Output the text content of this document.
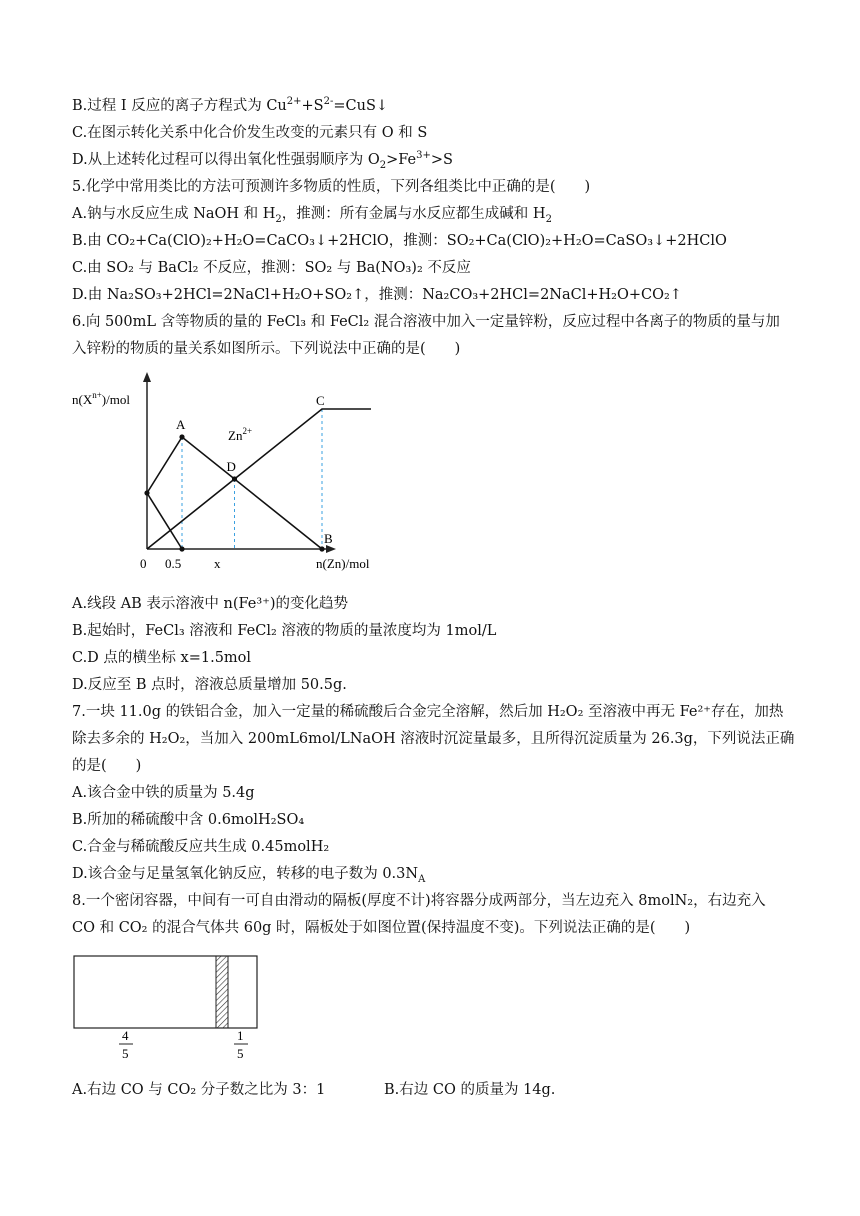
B.过程 I 反应的离子方程式为 $Cu^{2+}+S^{2-}=CuS↓$
C.在图示转化关系中化合价发生改变的元素只有 O 和 S
D.从上述转化过程可以得出氧化性强弱顺序为 $O_2>Fe^{3+}>S$
5.化学中常用类比的方法可预测许多物质的性质，下列各组类比中正确的是(　　)
A.钠与水反应生成 NaOH 和 $H_2$，推测：所有金属与水反应都生成碱和 $H_2$
B.由 CO₂+Ca(ClO)₂+H₂O=CaCO₃↓+2HClO，推测：SO₂+Ca(ClO)₂+H₂O=CaSO₃↓+2HClO
C.由 SO₂ 与 BaCl₂ 不反应，推测：SO₂ 与 Ba(NO₃)₂ 不反应
D.由 Na₂SO₃+2HCl=2NaCl+H₂O+SO₂↑，推测：Na₂CO₃+2HCl=2NaCl+H₂O+CO₂↑
6.向 500mL 含等物质的量的 FeCl₃ 和 FeCl₂ 混合溶液中加入一定量锌粉，反应过程中各离子的物质的量与加
入锌粉的物质的量关系如图所示。下列说法中正确的是(　　)
$n(X^{n+})$/mol
n(Zn)/mol
0 0.5	x
A
B
C
D
$Zn^{2+}$
A.线段 AB 表示溶液中 n(Fe³⁺)的变化趋势
B.起始时，FeCl₃ 溶液和 FeCl₂ 溶液的物质的量浓度均为 1mol/L
C.D 点的横坐标 x=1.5mol
D.反应至 B 点时，溶液总质量增加 50.5g.
7.一块 11.0g 的铁铝合金，加入一定量的稀硫酸后合金完全溶解，然后加 H₂O₂ 至溶液中再无 Fe²⁺存在，加热
除去多余的 H₂O₂，当加入 200mL6mol/LNaOH 溶液时沉淀量最多，且所得沉淀质量为 26.3g，下列说法正确
的是(　　)
A.该合金中铁的质量为 5.4g
B.所加的稀硫酸中含 0.6molH₂SO₄
C.合金与稀硫酸反应共生成 0.45molH₂
D.该合金与足量氢氧化钠反应，转移的电子数为 $0.3N_A$
8.一个密闭容器，中间有一可自由滑动的隔板(厚度不计)将容器分成两部分，当左边充入 8molN₂，右边充入
CO 和 CO₂ 的混合气体共 60g 时，隔板处于如图位置(保持温度不变)。下列说法正确的是(　　)
4
5
1
5
A.右边 CO 与 CO₂ 分子数之比为 3：1	B.右边 CO 的质量为 14g.
